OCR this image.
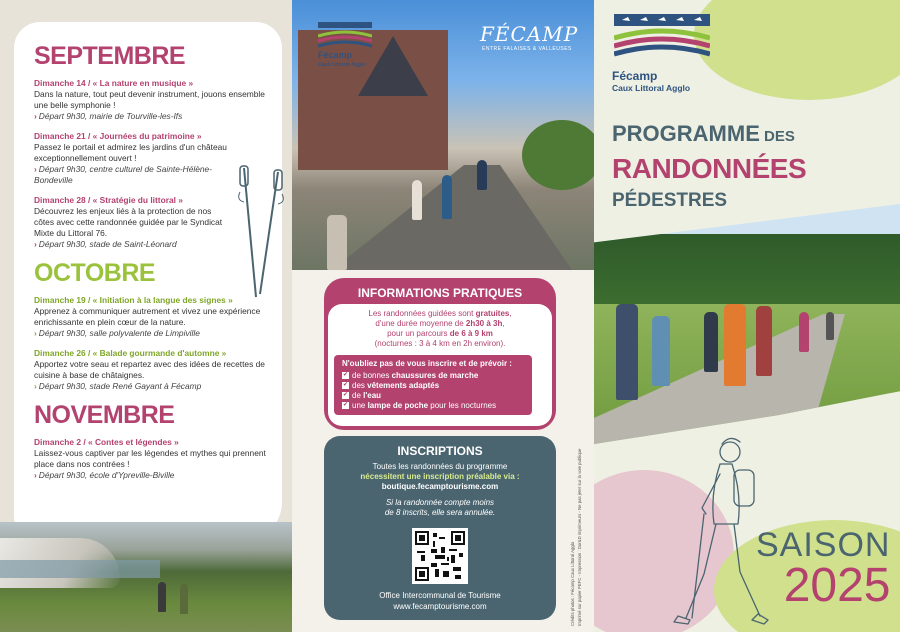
SEPTEMBRE
Dimanche 14 / « La nature en musique »
Dans la nature, tout peut devenir instrument, jouons ensemble une belle symphonie !
› Départ 9h30, mairie de Tourville-les-Ifs
Dimanche 21 / « Journées du patrimoine »
Passez le portail et admirez les jardins d'un château exceptionnellement ouvert !
› Départ 9h30, centre culturel de Sainte-Hélène-Bondeville
Dimanche 28 / « Stratégie du littoral »
Découvrez les enjeux liés à la protection de nos côtes avec cette randonnée guidée par le Syndicat Mixte du Littoral 76.
› Départ 9h30, stade de Saint-Léonard
OCTOBRE
Dimanche 19 / « Initiation à la langue des signes »
Apprenez à communiquer autrement et vivez une expérience enrichissante en plein cœur de la nature.
› Départ 9h30, salle polyvalente de Limpiville
Dimanche 26 / « Balade gourmande d'automne »
Apportez votre seau et repartez avec des idées de recettes de cuisine à base de châtaignes.
› Départ 9h30, stade René Gayant à Fécamp
NOVEMBRE
Dimanche 2 / « Contes et légendes »
Laissez-vous captiver par les légendes et mythes qui prennent place dans nos contrées !
› Départ 9h30, école d'Ypreville-Biville
Fécamp
Caux Littoral Agglo
FÉCAMP
ENTRE FALAISES & VALLEUSES
INFORMATIONS PRATIQUES

Les randonnées guidées sont gratuites,

d'une durée moyenne de 2h30 à 3h,

pour un parcours de 6 à 9 km

(nocturnes : 3 à 4 km en 2h environ).

N'oubliez pas de vous inscrire et de prévoir :
✔ de bonnes chaussures de marche
✔ des vêtements adaptés
✔ de l'eau
✔ une lampe de poche pour les nocturnes
INSCRIPTIONS
Toutes les randonnées du programme
nécessitent une inscription préalable via :
boutique.fecamptourisme.com
Si la randonnée compte moins
de 8 inscrits, elle sera annulée.
Office Intercommunal de Tourisme
www.fecamptourisme.com	Crédits photos : Fécamp Caux Littoral Agglo Imprimé sur papier PEFC - Impression : Dor&D imprimeurs - Ne pas jeter sur la voie publique
Fécamp
Caux Littoral Agglo
PROGRAMME DES
RANDONNÉES
PÉDESTRES
SAISON
2025
